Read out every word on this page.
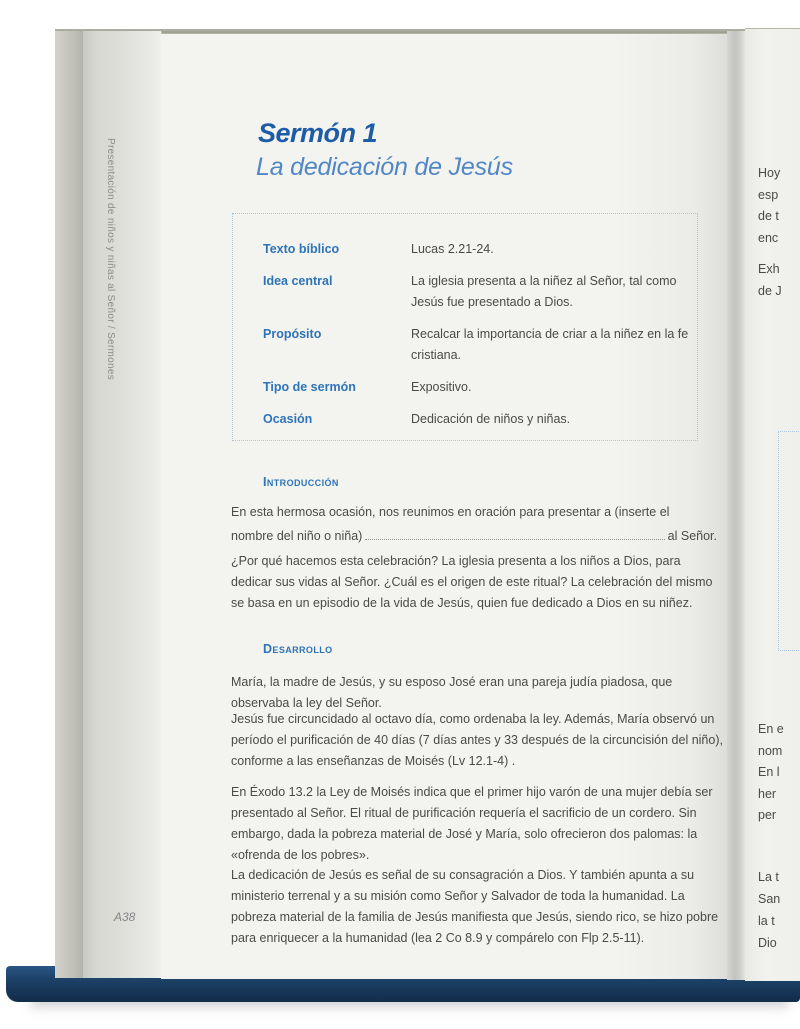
Presentación de niños y niñas al Señor / Sermones
A38
Sermón 1
La dedicación de Jesús
Texto bíblico	Lucas 2.21-24.
Idea central	La iglesia presenta a la niñez al Señor, tal como Jesús fue presentado a Dios.
Propósito	Recalcar la importancia de criar a la niñez en la fe cristiana.
Tipo de sermón	Expositivo.
Ocasión	Dedicación de niños y niñas.
Introducción

En esta hermosa ocasión, nos reunimos en oración para presentar a (inserte el

nombre del niño o niña)	al Señor.

¿Por qué hacemos esta celebración? La iglesia presenta a los niños a Dios, para dedicar sus vidas al Señor. ¿Cuál es el origen de este ritual? La celebración del mismo se basa en un episodio de la vida de Jesús, quien fue dedicado a Dios en su niñez.

Desarrollo

María, la madre de Jesús, y su esposo José eran una pareja judía piadosa, que observaba la ley del Señor.

Jesús fue circuncidado al octavo día, como ordenaba la ley. Además, María observó un período el purificación de 40 días (7 días antes y 33 después de la circuncisión del niño), conforme a las enseñanzas de Moisés (Lv 12.1-4) .

En Éxodo 13.2 la Ley de Moisés indica que el primer hijo varón de una mujer debía ser presentado al Señor. El ritual de purificación requería el sacrificio de un cordero. Sin embargo, dada la pobreza material de José y María, solo ofrecieron dos palomas: la «ofrenda de los pobres».

La dedicación de Jesús es señal de su consagración a Dios. Y también apunta a su ministerio terrenal y a su misión como Señor y Salvador de toda la humanidad. La pobreza material de la familia de Jesús manifiesta que Jesús, siendo rico, se hizo pobre para enriquecer a la humanidad (lea 2 Co 8.9 y compárelo con Flp 2.5-11).

Hoy
esp
de t
enc
Exh
de J
En e
nom
En l
her
per
La t
San
la t
Dio
